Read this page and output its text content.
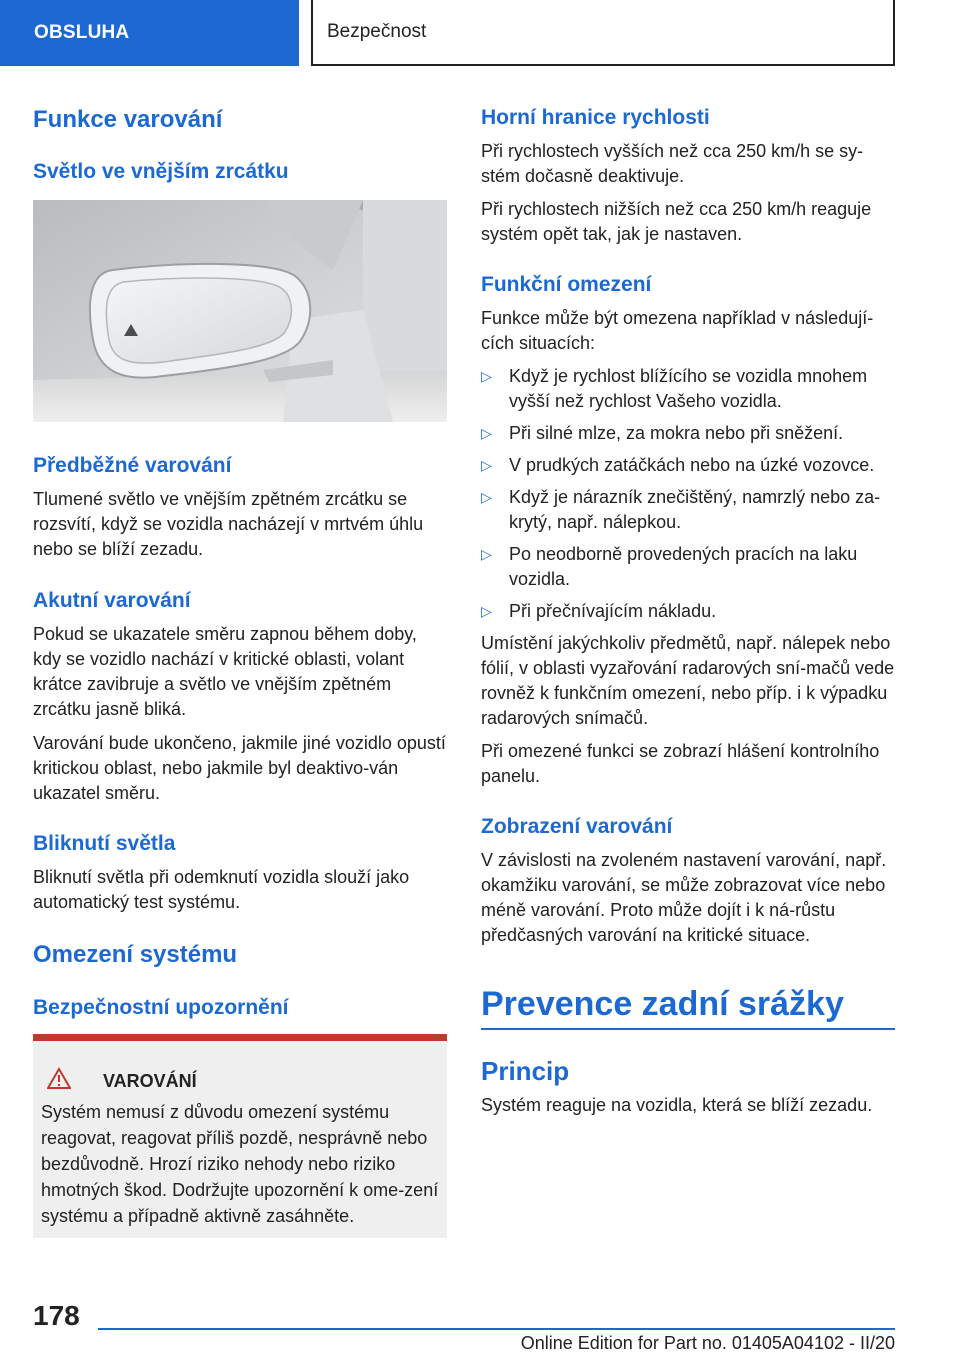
OBSLUHA	Bezpečnost
Funkce varování
Světlo ve vnějším zrcátku
Předběžné varování

Tlumené světlo ve vnějším zpětném zrcátku se rozsvítí, když se vozidla nacházejí v mrtvém úhlu nebo se blíží zezadu.

Akutní varování

Pokud se ukazatele směru zapnou během doby, kdy se vozidlo nachází v kritické oblasti, volant krátce zavibruje a světlo ve vnějším zpětném zrcátku jasně bliká.

Varování bude ukončeno, jakmile jiné vozidlo opustí kritickou oblast, nebo jakmile byl deaktivo-ván ukazatel směru.

Bliknutí světla

Bliknutí světla při odemknutí vozidla slouží jako automatický test systému.

Omezení systému
Bezpečnostní upozornění
VAROVÁNÍ
Systém nemusí z důvodu omezení systému reagovat, reagovat příliš pozdě, nesprávně nebo bezdůvodně. Hrozí riziko nehody nebo riziko hmotných škod. Dodržujte upozornění k ome-zení systému a případně aktivně zasáhněte.
Horní hranice rychlosti

Při rychlostech vyšších než cca 250 km/h se sy-stém dočasně deaktivuje.

Při rychlostech nižších než cca 250 km/h reaguje systém opět tak, jak je nastaven.

Funkční omezení

Funkce může být omezena například v následují-cích situacích:

▷ Když je rychlost blížícího se vozidla mnohem vyšší než rychlost Vašeho vozidla.
▷ Při silné mlze, za mokra nebo při sněžení.
▷ V prudkých zatáčkách nebo na úzké vozovce.
▷ Když je nárazník znečištěný, namrzlý nebo za-krytý, např. nálepkou.
▷ Po neodborně provedených pracích na laku vozidla.
▷ Při přečnívajícím nákladu.

Umístění jakýchkoliv předmětů, např. nálepek nebo fólií, v oblasti vyzařování radarových sní-mačů vede rovněž k funkčním omezení, nebo příp. i k výpadku radarových snímačů.

Při omezené funkci se zobrazí hlášení kontrolního panelu.

Zobrazení varování

V závislosti na zvoleném nastavení varování, např. okamžiku varování, se může zobrazovat více nebo méně varování. Proto může dojít i k ná-růstu předčasných varování na kritické situace.

Prevence zadní srážky
Princip

Systém reaguje na vozidla, která se blíží zezadu.

178
Online Edition for Part no. 01405A04102 - II/20
